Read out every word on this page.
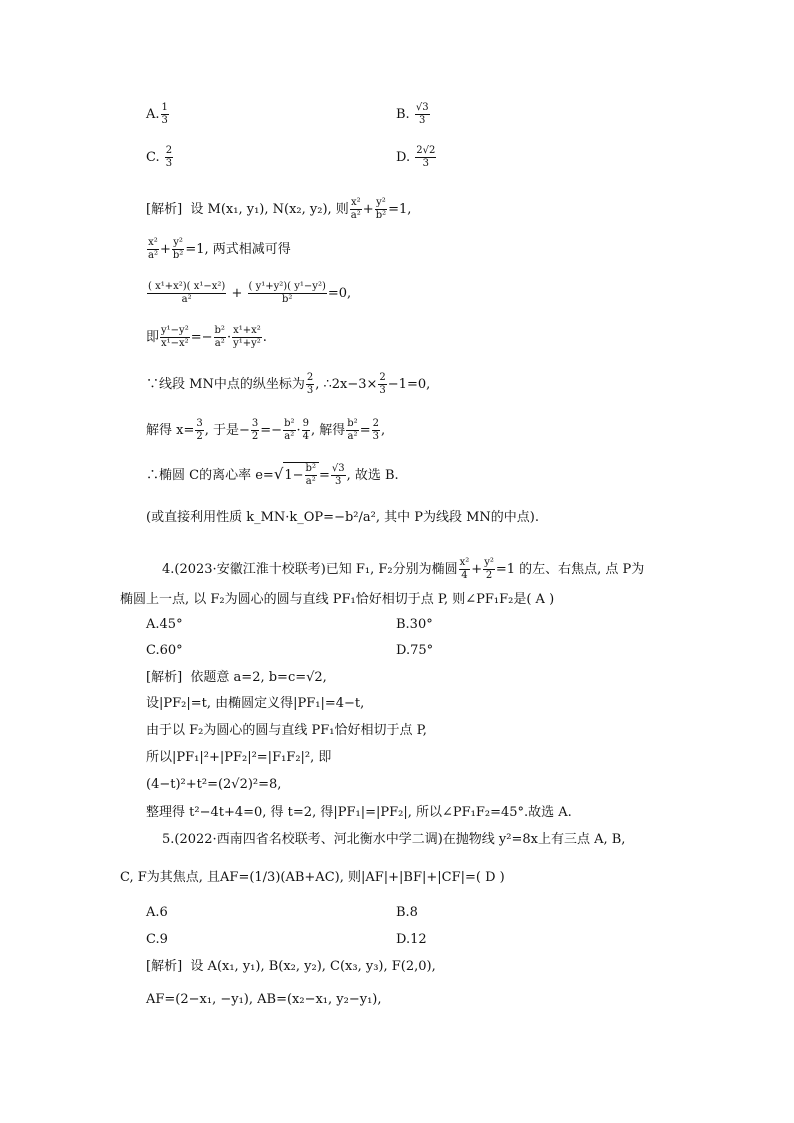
A. $\frac{1}{3}$	B. $\frac{√3}{3}$
C. $\frac{2}{3}$	D. $\frac{2√2}{3}$
[解析] 设 M(x₁, y₁), N(x₂, y₂), 则 $\frac{\text{x²}}{\text{a²}} + \frac{\text{y²}}{\text{b²}} =1$,
$\frac{\text{x²}}{\text{a²}} + \frac{\text{y²}}{\text{b²}} =1$, 两式相减可得
$\frac{\text{( x¹+x²)( x¹−x²)}}{\text{a²}} + \frac{\text{( y¹+y²)( y¹−y²)}}{\text{b²}} =0$,
即 $\frac{\text{y¹−y²}}{\text{x¹−x²}} =- \frac{\text{b²}}{\text{a²}} \cdot \frac{\text{x¹+x²}}{\text{y¹+y²}}$ .
∵线段 MN中点的纵坐标为 $\frac{2}{3}$ , ∴2x−3× $\frac{2}{3} -1=0$,
解得 $x= \frac{3}{2}$ , 于是− $\frac{3}{2} =- \frac{\text{b²}}{\text{a²}} \cdot \frac{9}{4}$ , 解得 $\frac{\text{b²}}{\text{a²}} = \frac{2}{3}$ ,
∴椭圆 C的离心率 $e=√1- \frac{\text{b²}}{\text{a²}} = \frac{√3}{3}$ , 故选 B.
(或直接利用性质 k_MN·k_OP=−b²/a², 其中 P为线段 MN的中点).
4.(2023·安徽江淮十校联考)已知 F₁, F₂分别为椭圆 $\frac{\text{x²}}{4} + \frac{\text{y²}}{2} =1$ 的左、右焦点, 点 P为
椭圆上一点, 以 F₂为圆心的圆与直线 PF₁恰好相切于点 P, 则∠PF₁F₂是( A )
A.45°	B.30°
C.60°	D.75°
[解析] 依题意 a=2, b=c=√2,
设|PF₂|=t, 由椭圆定义得|PF₁|=4−t,
由于以 F₂为圆心的圆与直线 PF₁恰好相切于点 P,
所以|PF₁|²+|PF₂|²=|F₁F₂|², 即
(4−t)²+t²=(2√2)²=8,
整理得 t²−4t+4=0, 得 t=2, 得|PF₁|=|PF₂|, 所以∠PF₁F₂=45°.故选 A.
5.(2022·西南四省名校联考、河北衡水中学二调)在抛物线 y²=8x上有三点 A, B,
C, F为其焦点, 且AF=(1/3)(AB+AC), 则|AF|+|BF|+|CF|=( D )
A.6	B.8
C.9	D.12
[解析] 设 A(x₁, y₁), B(x₂, y₂), C(x₃, y₃), F(2,0),
AF=(2−x₁, −y₁), AB=(x₂−x₁, y₂−y₁),
